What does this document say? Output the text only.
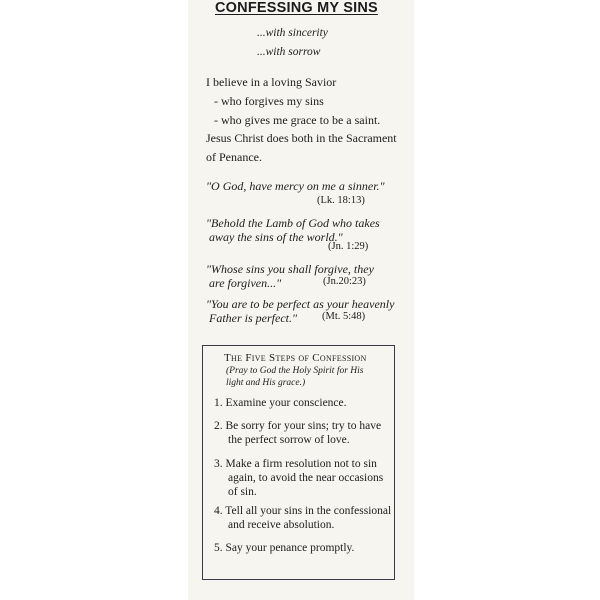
CONFESSING MY SINS
...with sincerity
...with sorrow
I believe in a loving Savior
- who forgives my sins
- who gives me grace to be a saint.
Jesus Christ does both in the Sacrament
of Penance.
"O God, have mercy on me a sinner."
(Lk. 18:13)
"Behold the Lamb of God who takes
away the sins of the world."
(Jn. 1:29)
"Whose sins you shall forgive, they
are forgiven..."	(Jn.20:23)
"You are to be perfect as your heavenly
Father is perfect." (Mt. 5:48)
The Five Steps of Confession
(Pray to God the Holy Spirit for His
light and His grace.)
1. Examine your conscience.
2. Be sorry for your sins; try to have
the perfect sorrow of love.
3. Make a firm resolution not to sin
again, to avoid the near occasions
of sin.
4. Tell all your sins in the confessional
and receive absolution.
5. Say your penance promptly.
